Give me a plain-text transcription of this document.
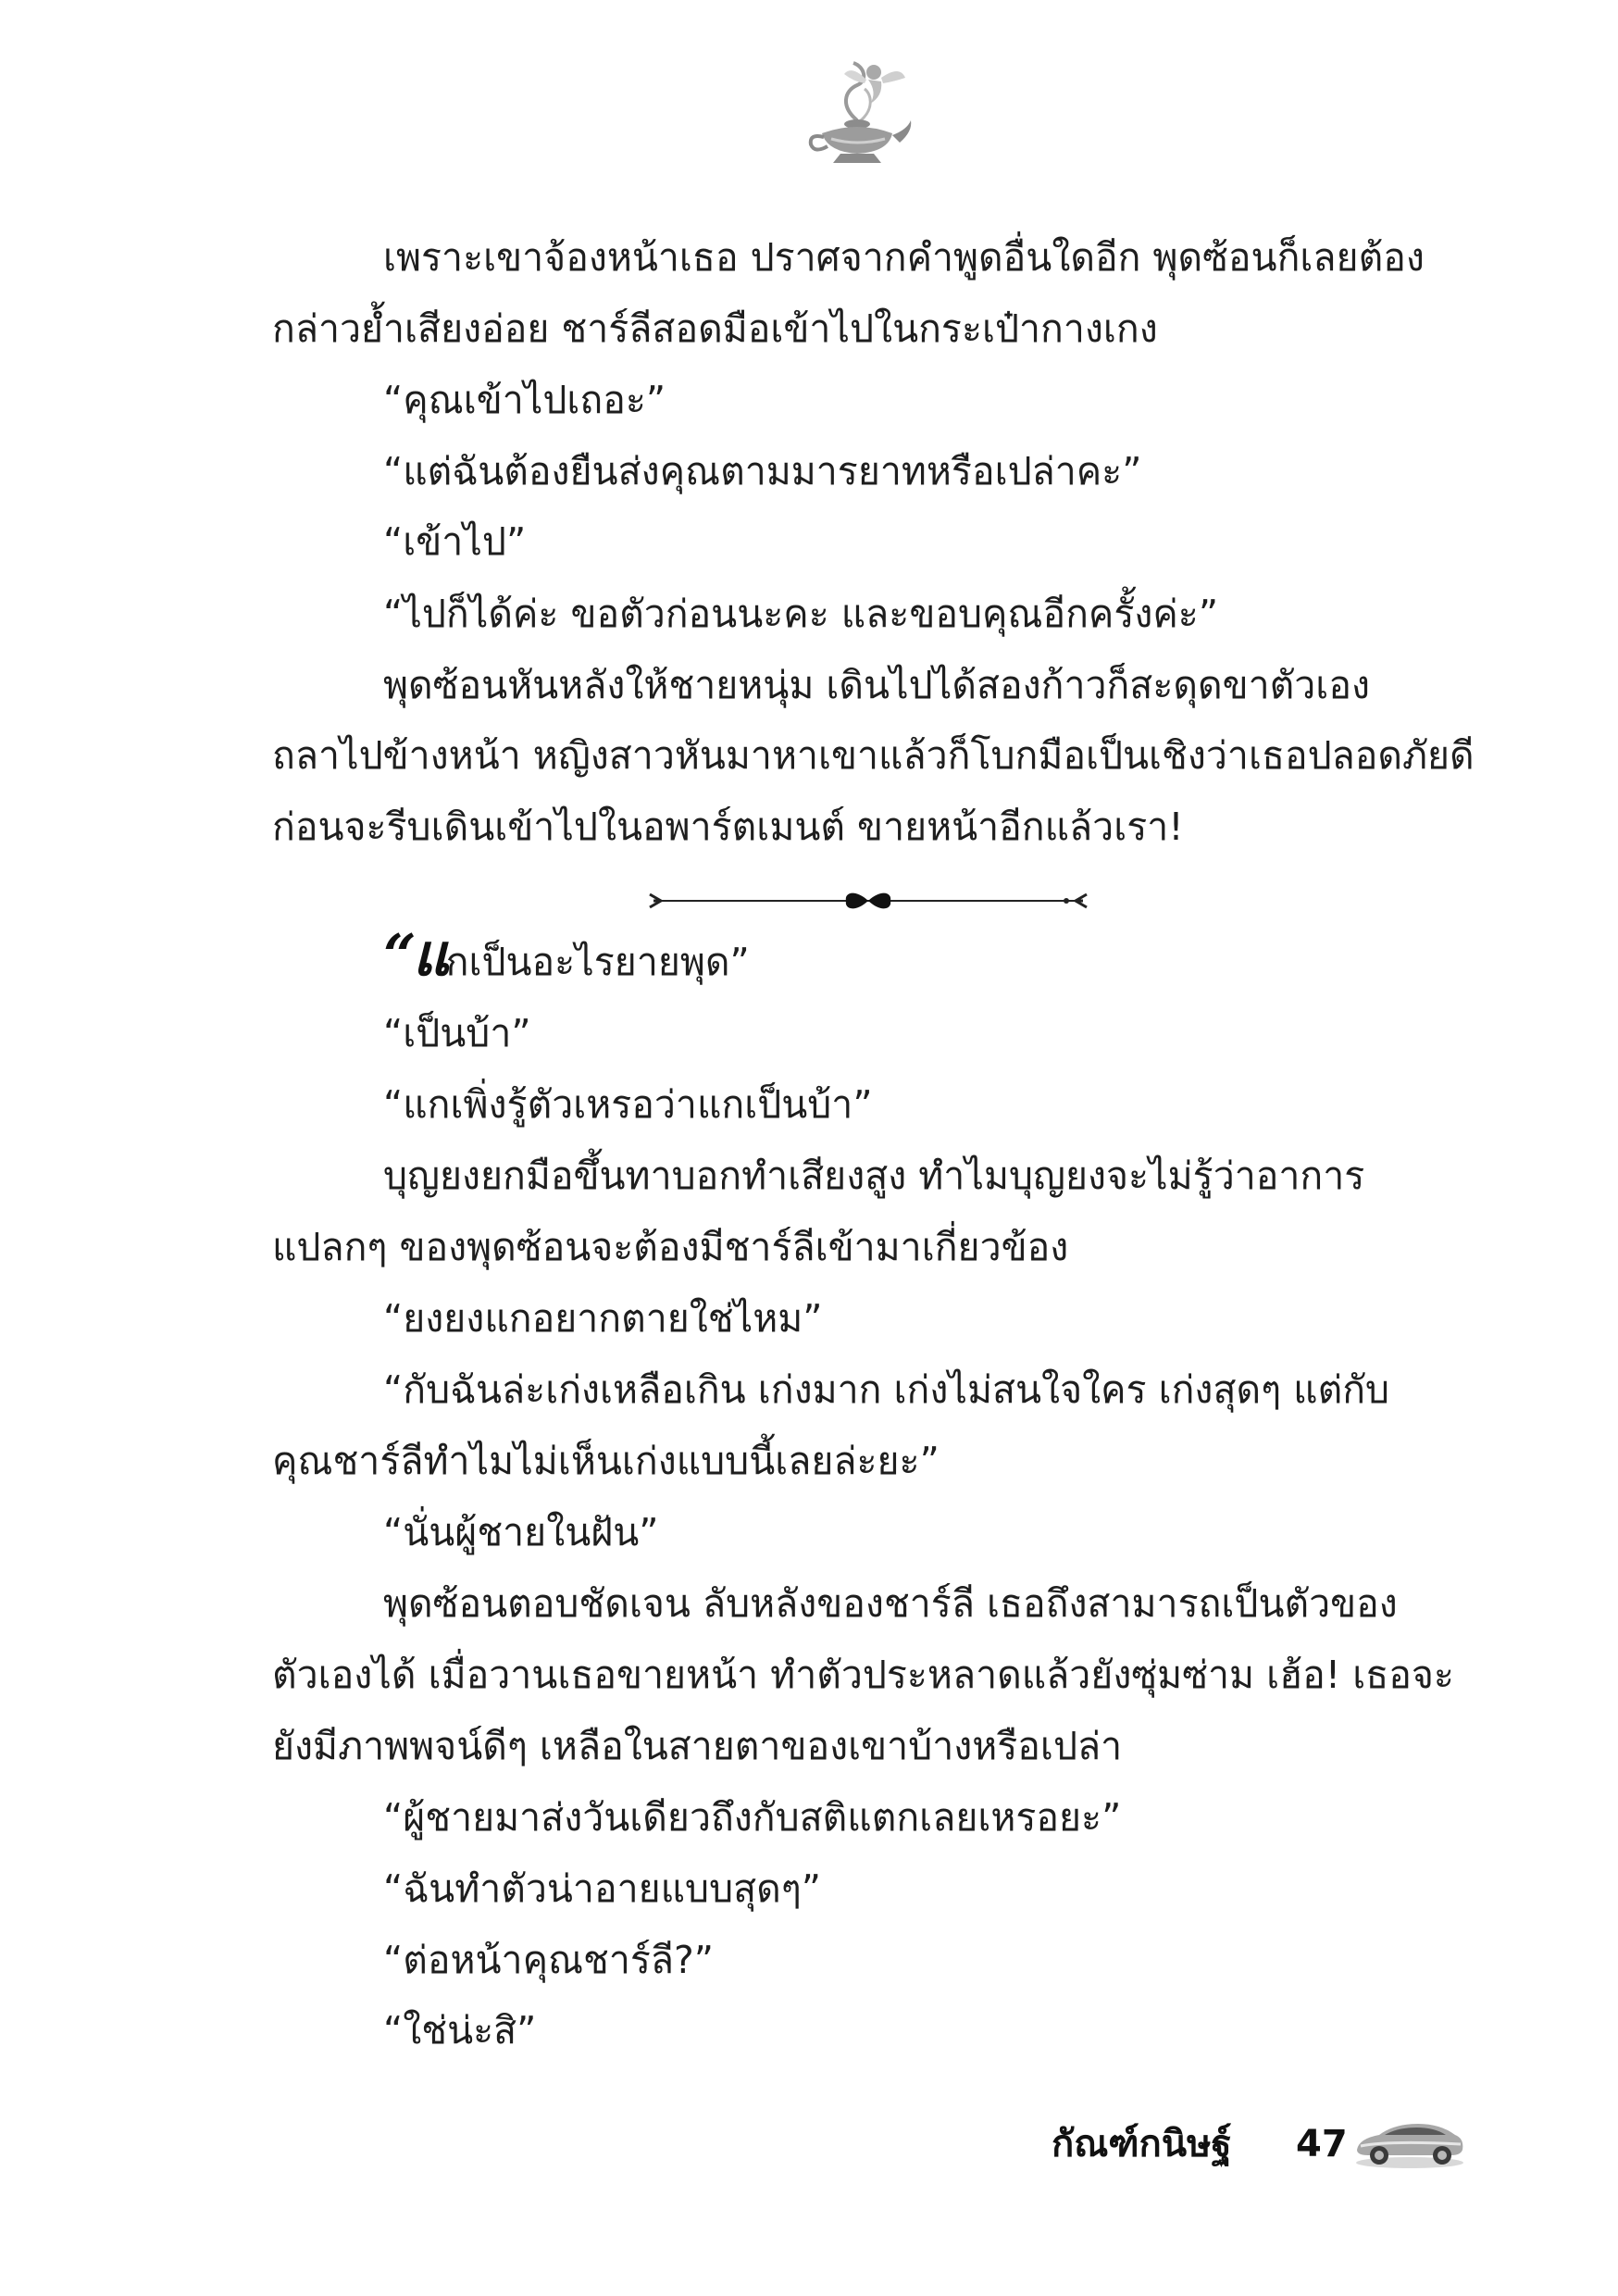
เพราะเขาจ้องหน้าเธอ ปราศจากคำพูดอื่นใดอีก พุดซ้อนก็เลยต้อง
กล่าวย้ำเสียงอ่อย ชาร์ลีสอดมือเข้าไปในกระเป๋ากางเกง
“คุณเข้าไปเถอะ”
“แต่ฉันต้องยืนส่งคุณตามมารยาทหรือเปล่าคะ”
“เข้าไป”
“ไปก็ได้ค่ะ ขอตัวก่อนนะคะ และขอบคุณอีกครั้งค่ะ”
พุดซ้อนหันหลังให้ชายหนุ่ม เดินไปได้สองก้าวก็สะดุดขาตัวเอง
ถลาไปข้างหน้า หญิงสาวหันมาหาเขาแล้วก็โบกมือเป็นเชิงว่าเธอปลอดภัยดี
ก่อนจะรีบเดินเข้าไปในอพาร์ตเมนต์ ขายหน้าอีกแล้วเรา!
“แกเป็นอะไรยายพุด”
“เป็นบ้า”
“แกเพิ่งรู้ตัวเหรอว่าแกเป็นบ้า”
บุญยงยกมือขึ้นทาบอกทำเสียงสูง ทำไมบุญยงจะไม่รู้ว่าอาการ
แปลกๆ ของพุดซ้อนจะต้องมีชาร์ลีเข้ามาเกี่ยวข้อง
“ยงยงแกอยากตายใช่ไหม”
“กับฉันล่ะเก่งเหลือเกิน เก่งมาก เก่งไม่สนใจใคร เก่งสุดๆ แต่กับ
คุณชาร์ลีทำไมไม่เห็นเก่งแบบนี้เลยล่ะยะ”
“นั่นผู้ชายในฝัน”
พุดซ้อนตอบชัดเจน ลับหลังของชาร์ลี เธอถึงสามารถเป็นตัวของ
ตัวเองได้ เมื่อวานเธอขายหน้า ทำตัวประหลาดแล้วยังซุ่มซ่าม เฮ้อ! เธอจะ
ยังมีภาพพจน์ดีๆ เหลือในสายตาของเขาบ้างหรือเปล่า
“ผู้ชายมาส่งวันเดียวถึงกับสติแตกเลยเหรอยะ”
“ฉันทำตัวน่าอายแบบสุดๆ”
“ต่อหน้าคุณชาร์ลี?”
“ใช่น่ะสิ”
กัณฑ์กนิษฐ์ 47
